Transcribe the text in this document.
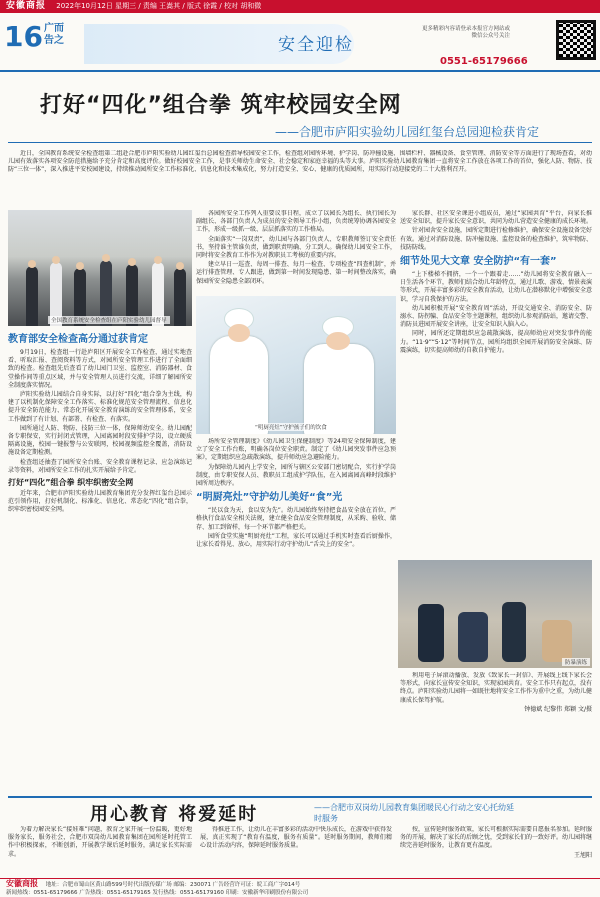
安徽商报 2022年10月12日 星期三 / 责编 王嵩其 / 版式 徐霞 / 校对 胡和微
16 广而告之	安全迎检
更多精彩内容请登录本报官方网站或微信公众号关注
0551-65179666
打好“四化”组合拳 筑牢校园安全网
——合肥市庐阳实验幼儿园红玺台总园迎检获肯定

近日，全国教育系统安全检查组第二组赴合肥市庐阳实验幼儿园红玺台总园检查指导校园安全工作，检查组对园所环境、护学岗、防冲撞设施、围墙栏杆、器械设备、食堂管理、消防安全等方面进行了现场查看，对幼儿园有效落实各项安全防范措施给予充分肯定和高度评价。做好校园安全工作，是事关师幼生命安全、社会稳定和家庭幸福的头等大事。庐阳实验幼儿园教育集团一直将安全工作放在各项工作的首位，强化人防、物防、技防“三位一体”，深入推进平安校园建设，持续推动园所安全工作标准化、信息化和技术集成化，努力打造安全、安心、健康的优质园所，用实际行动迎接党的二十大胜利召开。

全国教育系统安全检查组在庐阳实验幼儿园督导
教育部安全检查高分通过获肯定

9月19日，检查组一行赴庐阳区开展安全工作检查，通过实地查看、听取汇报、查阅资料等方式，对园所安全管理工作进行了全面细致的检查。检查组先后查看了幼儿园门卫室、监控室、消防器材、食堂操作间等重点区域，并与安全管理人员进行交流，详细了解园所安全制度落实情况。

庐阳实验幼儿园结合自身实际，以打好“四化”组合拳为主线，构建了以机制化保障安全工作落实、标准化规范安全管理流程、信息化提升安全防范能力、常态化开展安全教育演练的安全管理体系，安全工作做到了有计划、有部署、有检查、有落实。

园所通过人防、物防、技防三位一体，保障师幼安全。幼儿园配备专职保安，实行封闭式管理，入园离园时段安排护学岗，设立硬质隔离设施，校园一键报警与公安联网，校园视频监控全覆盖，消防设施设备定期检测。

检查组还抽查了园所安全台账、安全教育课程记录、应急演练记录等资料，对园所安全工作的扎实开展给予肯定。

打好“四化”组合拳 织牢织密安全网

近年来，合肥市庐阳实验幼儿园教育集团充分发挥红玺台总园示范引领作用，打好机制化、标准化、信息化、常态化“四化”组合拳，织牢织密校园安全网。

各园所安全工作列入重要议事日程，成立了以园长为组长、执行园长为副组长、各部门负责人为成员的安全领导工作小组，负责统筹协调各园安全工作，形成一级抓一级、层层抓落实的工作格局。

全面落实“一岗双责”，幼儿园与各部门负责人、专职教师签订安全责任书，坚持谁主管谁负责，做到职责明确、分工到人。确保幼儿园安全工作，同时将安全教育工作作为对教职员工考核的重要内容。

建立早日一巡查、每周一排查、每月一检查、专项检查“四查机制”，并运行排查管理、专人跟进，做到第一时间发现隐患、第一时间整改落实，确保园所安全隐患全部闭环。

“明厨亮灶”守护孩子们的饮食

场所安全管理制度》《幼儿园卫生保健制度》等24项安全保障制度，建立了安全工作台账，明确各岗位安全职责。制定了《幼儿园突发事件应急预案》，定期组织应急疏散演练，提升师幼应急避险能力。

为保障幼儿园内上学安全，园所与辖区公安部门密切配合，实行护学岗制度，由专职安保人员、教职员工组成护学队伍，在入园离园高峰时段维护园所周边秩序。

“明厨亮灶”守护幼儿美好“食”光

“民以食为天，食以安为先”。幼儿园始终坚持把食品安全放在首位，严格执行食品安全相关法规，建立健全食品安全管理制度，从采购、验收、储存、加工到留样，每一个环节都严格把关。

园所食堂实施“明厨亮灶”工程，家长可以通过手机实时查看后厨操作，让家长看得见、放心，用实际行动守护幼儿“舌尖上的安全”。

家长群、社区安全课进小组成员，通过“家园共育”平台，向家长推送安全知识，提升家长安全意识，共同为幼儿营造安全健康的成长环境。

针对园舍安全设施，园所定期进行检修维护，确保安全设施设备完好有效。通过对消防设施、防冲撞设施、监控设备的检查维护，筑牢物防、技防防线。

细节处见大文章 安全防护“有一套”

“上下楼梯不拥挤，一个一个跟着走……”幼儿园将安全教育融入一日生活各个环节，教师们结合幼儿年龄特点，通过儿歌、游戏、情景表演等形式，开展丰富多彩的安全教育活动，让幼儿在潜移默化中增强安全意识，学习自我保护的方法。

幼儿园积极开展“安全教育周”活动，开设交通安全、消防安全、防溺水、防拐骗、食品安全等主题课程，组织幼儿参观消防站，邀请交警、消防员进园开展安全讲座，让安全知识入脑入心。

同时，园所还定期组织应急疏散演练，提高师幼应对突发事件的能力。“11·9”“5·12”等时间节点，园所均组织全园开展消防安全演练、防震演练，切实提高师幼的自救自护能力。

防暴演练

利用电子屏滚动播放、发放《致家长一封信》、开展线上线下家长会等形式，向家长宣传安全知识，实现家园共育。安全工作只有起点，没有终点。庐阳实验幼儿园将一如既往地将安全工作作为重中之重，为幼儿健康成长保驾护航。

钟德斌 纪黎伟 郑颖 文/摄

用心教育 将爱延时	——合肥市双岗幼儿园教育集团暖民心行动之安心托幼延时服务

为着力解决家长“接娃难”问题，教育之家开展一份温暖，更好地服务家长，服务社会，合肥市双岗幼儿园教育集团在园所延时托管工作中积极探索，不断创新，开展教学课后延时服务，满足家长实际需求。

得推进工作，让幼儿在丰富多彩的活动中快乐成长，在游戏中获得发展，真正实现了“教育有温度，服务有质量”。延时服务期间，教师们精心设计活动内容，保障延时服务质量。

按，宣传延时服务政策，家长可根据实际需要自愿报名参加。延时服务的开展，解决了家长的后顾之忧，受到家长们的一致好评。幼儿园将继续完善延时服务，让教育更有温度。

王旭阳

安徽商报 地址：合肥市蜀山区黄山路599号时代出版传媒广场 邮编：230071 广告经营许可证：皖工商广字014号
新闻热线：0551-65179666 广告热线：0551-65179165 发行热线：0551-65179160 印刷：安徽新华印刷股份有限公司
